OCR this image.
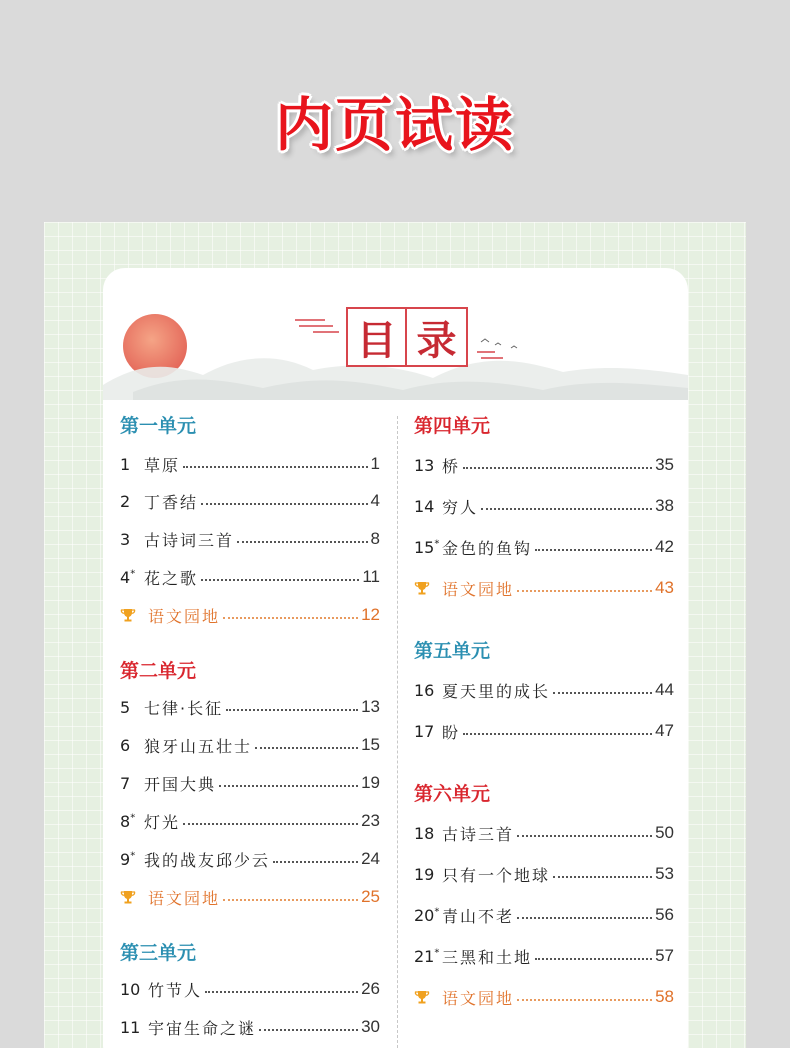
内页试读
目 录
第一单元
1 草原	1
2 丁香结	4
3 古诗词三首	8
4* 花之歌	11
语文园地	12
第二单元
5 七律·长征	13
6 狼牙山五壮士	15
7 开国大典	19
8* 灯光	23
9* 我的战友邱少云	24
语文园地	25
第三单元
10 竹节人	26
11 宇宙生命之谜	30
第四单元
13 桥	35
14 穷人	38
15* 金色的鱼钩	42
语文园地	43
第五单元
16 夏天里的成长	44
17 盼	47
第六单元
18 古诗三首	50
19 只有一个地球	53
20* 青山不老	56
21* 三黑和土地	57
语文园地	58
